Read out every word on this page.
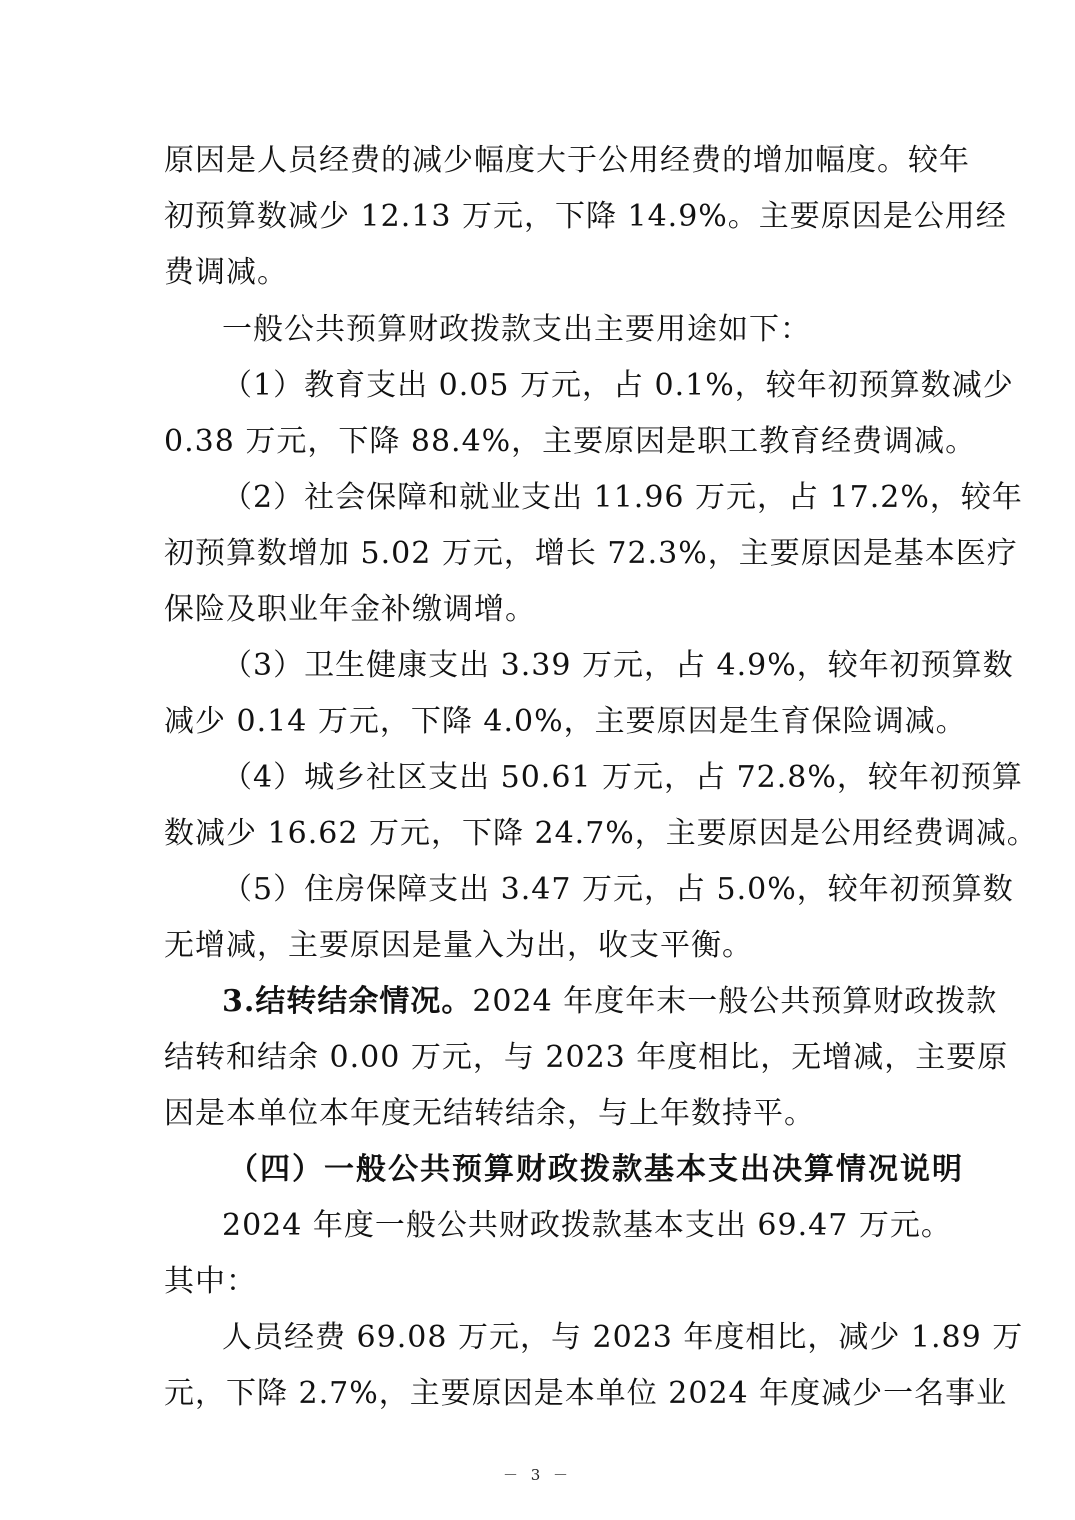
原因是人员经费的减少幅度大于公用经费的增加幅度。较年
初预算数减少 12.13 万元，下降 14.9%。主要原因是公用经
费调减。
一般公共预算财政拨款支出主要用途如下：
（1）教育支出 0.05 万元，占 0.1%，较年初预算数减少
0.38 万元，下降 88.4%，主要原因是职工教育经费调减。
（2）社会保障和就业支出 11.96 万元，占 17.2%，较年
初预算数增加 5.02 万元，增长 72.3%，主要原因是基本医疗
保险及职业年金补缴调增。
（3）卫生健康支出 3.39 万元，占 4.9%，较年初预算数
减少 0.14 万元，下降 4.0%，主要原因是生育保险调减。
（4）城乡社区支出 50.61 万元，占 72.8%，较年初预算
数减少 16.62 万元，下降 24.7%，主要原因是公用经费调减。
（5）住房保障支出 3.47 万元，占 5.0%，较年初预算数
无增减，主要原因是量入为出，收支平衡。
3.结转结余情况。 2024 年度年末一般公共预算财政拨款
结转和结余 0.00 万元，与 2023 年度相比，无增减，主要原
因是本单位本年度无结转结余，与上年数持平。
（四）一般公共预算财政拨款基本支出决算情况说明
2024 年度一般公共财政拨款基本支出 69.47 万元。
其中：
人员经费 69.08 万元，与 2023 年度相比，减少 1.89 万
元，下降 2.7%，主要原因是本单位 2024 年度减少一名事业
－ 3 －
